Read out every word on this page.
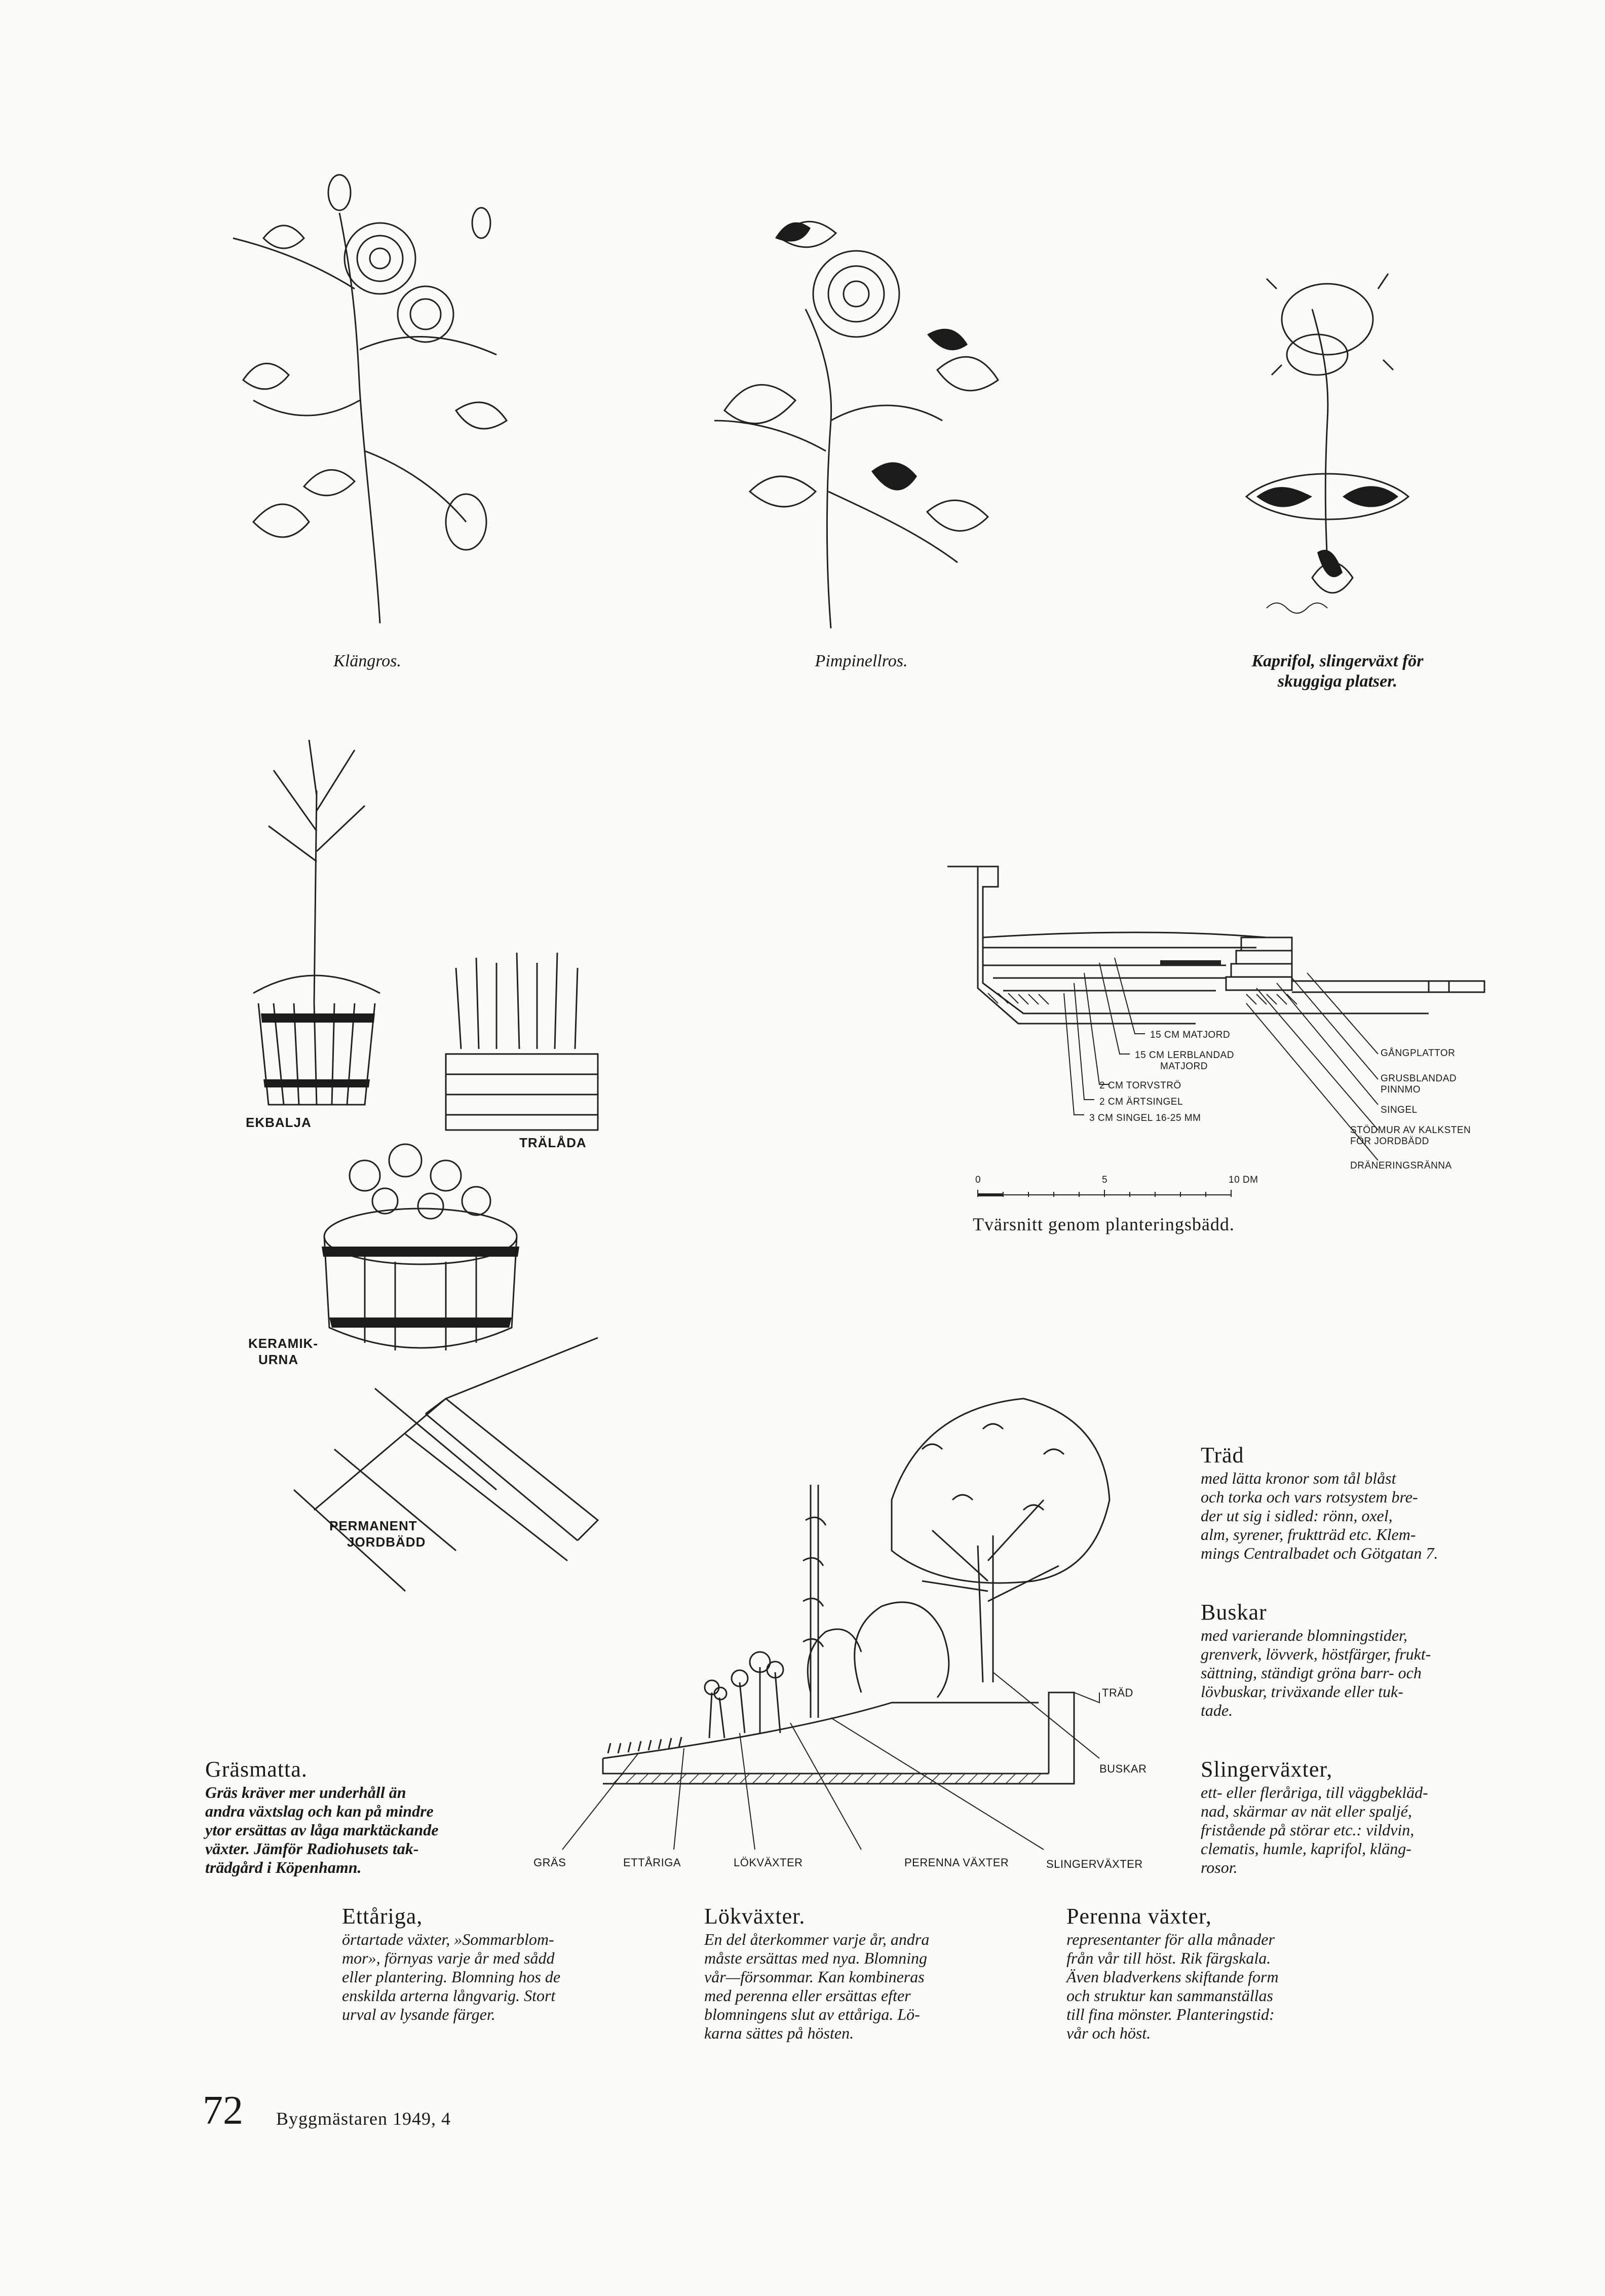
Klängros.	Pimpinellros.	Kaprifol, slingerväxt för
skuggiga platser.
EKBALJA
TRÄLÅDA
KERAMIK-
URNA
PERMANENT
JORDBÄDD
15 CM MATJORD
15 CM LERBLANDAD
MATJORD
2 CM TORVSTRÖ
2 CM ÄRTSINGEL
3 CM SINGEL 16-25 MM
GÅNGPLATTOR
GRUSBLANDAD
PINNMO
SINGEL
STÖDMUR AV KALKSTEN
FÖR JORDBÄDD
DRÄNERINGSRÄNNA
0	5	10 DM
Tvärsnitt genom planteringsbädd.
GRÄS	ETTÅRIGA	LÖKVÄXTER	PERENNA VÄXTER	SLINGERVÄXTER
TRÄD
BUSKAR
Träd
med lätta kronor som tål blåst
och torka och vars rotsystem bre-
der ut sig i sidled: rönn, oxel,
alm, syrener, fruktträd etc. Klem-
mings Centralbadet och Götgatan 7.
Buskar
med varierande blomningstider,
grenverk, lövverk, höstfärger, frukt-
sättning, ständigt gröna barr- och
lövbuskar, triväxande eller tuk-
tade.
Slingerväxter,
ett- eller fleråriga, till väggbekläd-
nad, skärmar av nät eller spaljé,
fristående på störar etc.: vildvin,
clematis, humle, kaprifol, kläng-
rosor.
Gräsmatta.
Gräs kräver mer underhåll än
andra växtslag och kan på mindre
ytor ersättas av låga marktäckande
växter. Jämför Radiohusets tak-
trädgård i Köpenhamn.
Ettåriga,
örtartade växter, »Sommarblom-
mor», förnyas varje år med sådd
eller plantering. Blomning hos de
enskilda arterna långvarig. Stort
urval av lysande färger.
Lökväxter.
En del återkommer varje år, andra
måste ersättas med nya. Blomning
vår—försommar. Kan kombineras
med perenna eller ersättas efter
blomningens slut av ettåriga. Lö-
karna sättes på hösten.
Perenna växter,
representanter för alla månader
från vår till höst. Rik färgskala.
Även bladverkens skiftande form
och struktur kan sammanställas
till fina mönster. Planteringstid:
vår och höst.
72 Byggmästaren 1949, 4
